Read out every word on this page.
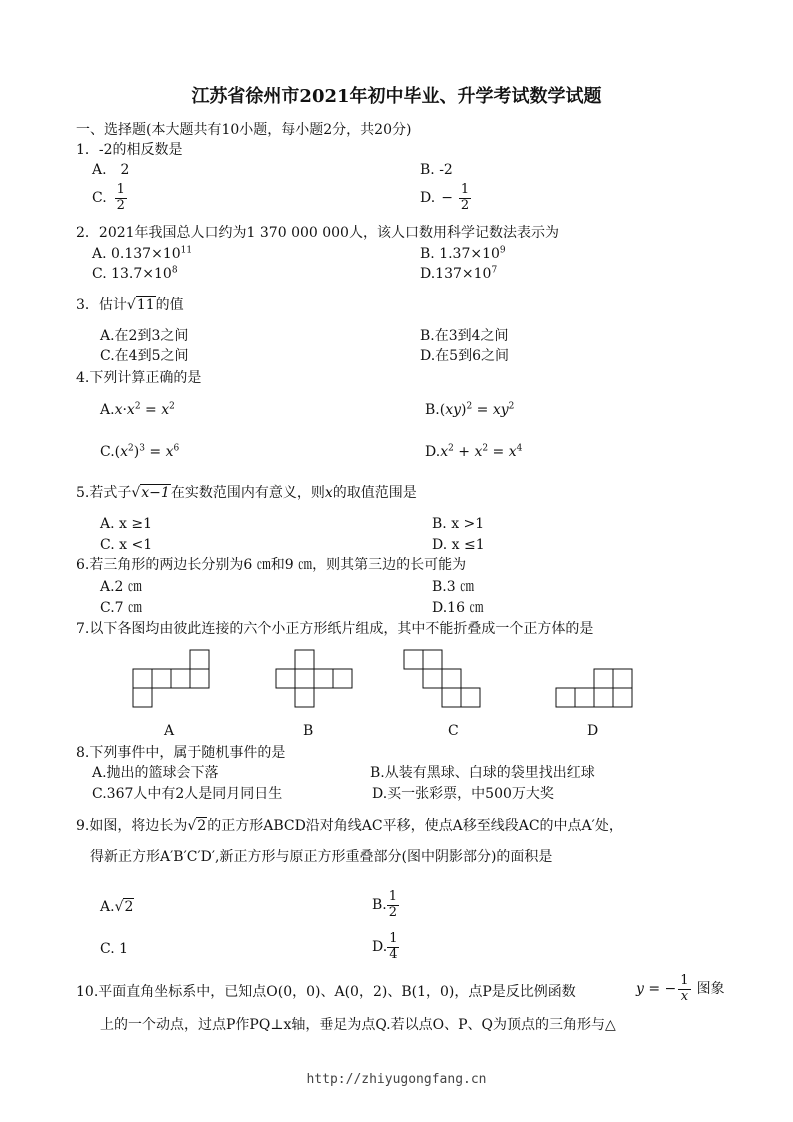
江苏省徐州市2021年初中毕业、升学考试数学试题
一、选择题(本大题共有10小题，每小题2分，共20分)
1．-2的相反数是
A.　2	B. -2
C. $\frac{1}{2}$	D. − $\frac{1}{2}$
2．2021年我国总人口约为1 370 000 000人，该人口数用科学记数法表示为
A. $0.137\times 10^{11}$	B. $1.37\times 10^9$
C. $13.7\times 10^8$	$D.137\times 10^7$
3．估计√11的值
A.在2到3之间	B.在3到4之间
C.在4到5之间	D.在5到6之间
4.下列计算正确的是
$A.x\cdot x^2 = x^2$	$B.(xy)^2 = xy^2$
$C.(x^2)^3 = x^6$	$D.x^2 + x^2 = x^4$
5.若式子√x−1在实数范围内有意义，则x的取值范围是
A. x ≥1	B. x >1
C. x <1	D. x ≤1
6.若三角形的两边长分别为6 ㎝和9 ㎝，则其第三边的长可能为
A.2 ㎝	B.3 ㎝
C.7 ㎝	D.16 ㎝
7.以下各图均由彼此连接的六个小正方形纸片组成，其中不能折叠成一个正方体的是
A	B	C	D
8.下列事件中，属于随机事件的是
A.抛出的篮球会下落	B.从装有黑球、白球的袋里找出红球
C.367人中有2人是同月同日生	D.买一张彩票，中500万大奖
9.如图，将边长为√2的正方形ABCD沿对角线AC平移，使点A移至线段AC的中点A′处，
得新正方形A′B′C′D′,新正方形与原正方形重叠部分(图中阴影部分)的面积是
A.√2	B. $\frac{1}{2}$
C. 1	D. $\frac{1}{4}$
10.平面直角坐标系中，已知点O(0，0)、A(0，2)、B(1，0)，点P是反比例函数	y = − $\frac{1}{x}$ 图象
上的一个动点，过点P作PQ⊥x轴，垂足为点Q.若以点O、P、Q为顶点的三角形与△
http://zhiyugongfang.cn
